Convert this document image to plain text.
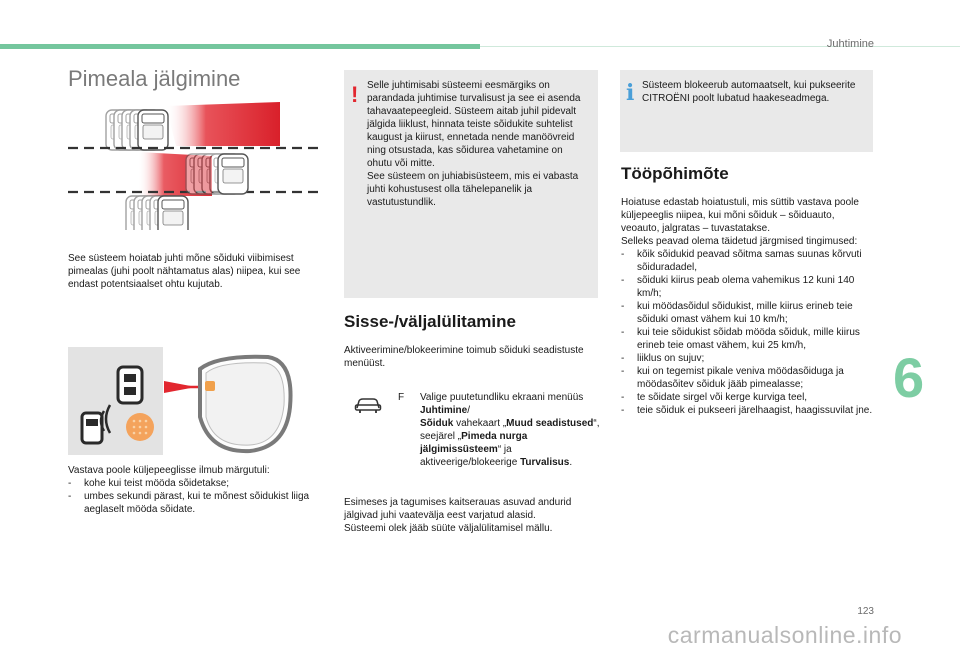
Juhtimine
Pimeala jälgimine

See süsteem hoiatab juhti mõne sõiduki viibimisest pimealas (juhi poolt nähtamatus alas) niipea, kui see endast potentsiaalset ohtu kujutab.

Vastava poole küljepeeglisse ilmub märgutuli:

- kohe kui teist mööda sõidetakse;
- umbes sekundi pärast, kui te mõnest sõidukist liiga aeglaselt mööda sõidate.
! Selle juhtimisabi süsteemi eesmärgiks on parandada juhtimise turvalisust ja see ei asenda tahavaatepeegleid. Süsteem aitab juhil pidevalt jälgida liiklust, hinnata teiste sõidukite suhtelist kaugust ja kiirust, ennetada nende manöövreid ning otsustada, kas sõidurea vahetamine on ohutu või mitte.

See süsteem on juhiabisüsteem, mis ei vabasta juhti kohustusest olla tähelepanelik ja vastutustundlik.

Sisse-/väljalülitamine
Aktiveerimine/blokeerimine toimub sõiduki seadistuste menüüst.
F	Valige puutetundliku ekraani menüüs Juhtimine/
Sõiduk vahekaart „Muud seadistused“, seejärel „Pimeda nurga jälgimissüsteem“ ja aktiveerige/blokeerige Turvalisus.

Esimeses ja tagumises kaitserauas asuvad andurid jälgivad juhi vaatevälja eest varjatud alasid.

Süsteemi olek jääb süüte väljalülitamisel mällu.

i Süsteem blokeerub automaatselt, kui pukseerite CITROËNI poolt lubatud haakeseadmega.
Tööpõhimõte

Hoiatuse edastab hoiatustuli, mis süttib vastava poole küljepeeglis niipea, kui mõni sõiduk – sõiduauto, veoauto, jalgratas – tuvastatakse.

Selleks peavad olema täidetud järgmised tingimused:

- kõik sõidukid peavad sõitma samas suunas kõrvuti sõiduradadel,
- sõiduki kiirus peab olema vahemikus 12 kuni 140 km/h;
- kui möödasõidul sõidukist, mille kiirus erineb teie sõiduki omast vähem kui 10 km/h;
- kui teie sõidukist sõidab mööda sõiduk, mille kiirus erineb teie omast vähem, kui 25 km/h,
- liiklus on sujuv;
- kui on tegemist pikale veniva möödasõiduga ja möödasõitev sõiduk jääb pimealasse;
- te sõidate sirgel või kerge kurviga teel,
- teie sõiduk ei pukseeri järelhaagist, haagissuvilat jne.
6
123
carmanualsonline.info
